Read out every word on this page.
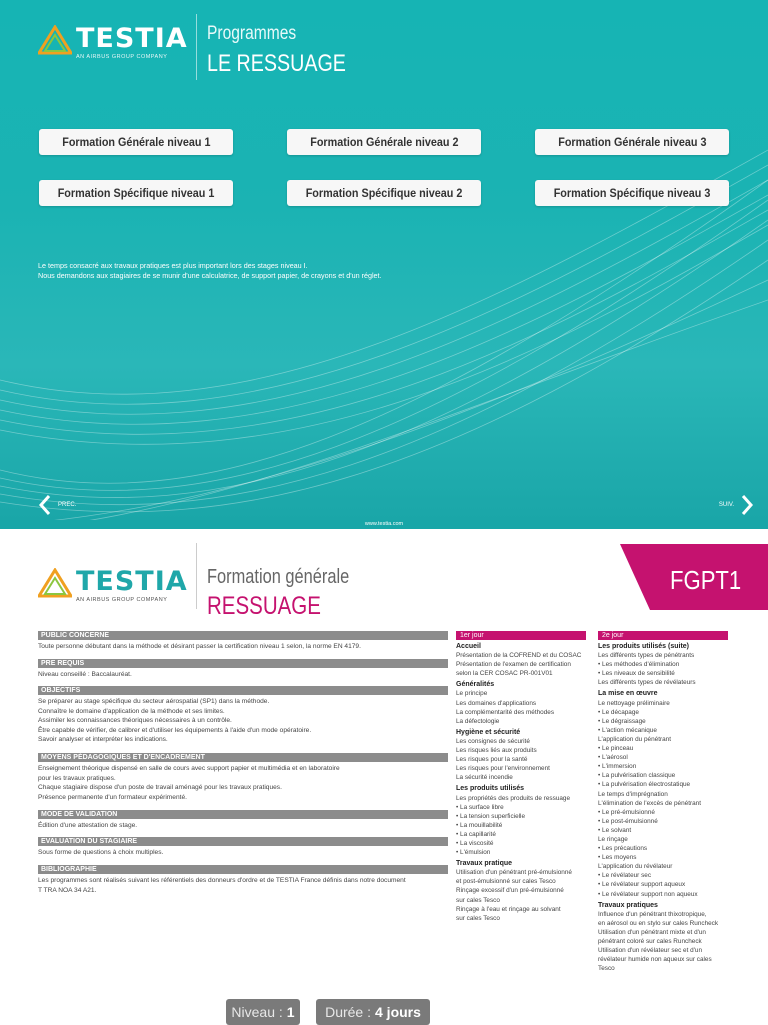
TESTIA
AN AIRBUS GROUP COMPANY
Programmes
LE RESSUAGE
Formation Générale niveau 1	Formation Générale niveau 2	Formation Générale niveau 3
Formation Spécifique niveau 1	Formation Spécifique niveau 2	Formation Spécifique niveau 3
Le temps consacré aux travaux pratiques est plus important lors des stages niveau I.
Nous demandons aux stagiaires de se munir d'une calculatrice, de support papier, de crayons et d'un réglet.
PREC.	SUIV.
www.testia.com
TESTIA
AN AIRBUS GROUP COMPANY
Formation générale
RESSUAGE
FGPT1
PUBLIC CONCERNE
Toute personne débutant dans la méthode et désirant passer la certification niveau 1 selon, la norme EN 4179.
PRE REQUIS
Niveau conseillé : Baccalauréat.
OBJECTIFS
Se préparer au stage spécifique du secteur aérospatial (SP1) dans la méthode.
Connaître le domaine d'application de la méthode et ses limites.
Assimiler les connaissances théoriques nécessaires à un contrôle.
Être capable de vérifier, de calibrer et d'utiliser les équipements à l'aide d'un mode opératoire.
Savoir analyser et interpréter les indications.
MOYENS PÉDAGOGIQUES ET D'ENCADREMENT
Enseignement théorique dispensé en salle de cours avec support papier et multimédia et en laboratoire
pour les travaux pratiques.
Chaque stagiaire dispose d'un poste de travail aménagé pour les travaux pratiques.
Présence permanente d'un formateur expérimenté.
MODE DE VALIDATION
Édition d'une attestation de stage.
EVALUATION DU STAGIAIRE
Sous forme de questions à choix multiples.
BIBLIOGRAPHIE
Les programmes sont réalisés suivant les référentiels des donneurs d'ordre et de TESTIA France définis dans notre document
T TRA NOA 34 A21.
1er jour
Accueil
Présentation de la COFREND et du COSAC
Présentation de l'examen de certification
selon la CER COSAC PR-001V01
Généralités
Le principe
Les domaines d'applications
La complémentarité des méthodes
La défectologie
Hygiène et sécurité
Les consignes de sécurité
Les risques liés aux produits
Les risques pour la santé
Les risques pour l'environnement
La sécurité incendie
Les produits utilisés
Les propriétés des produits de ressuage
• La surface libre
• La tension superficielle
• La mouillabilité
• La capillarité
• La viscosité
• L'émulsion
Travaux pratique
Utilisation d'un pénétrant pré-émulsionné
et post-émulsionné sur cales Tesco
Rinçage excessif d'un pré-émulsionné
sur cales Tesco
Rinçage à l'eau et rinçage au solvant
sur cales Tesco
2e jour
Les produits utilisés (suite)
Les différents types de pénétrants
• Les méthodes d'élimination
• Les niveaux de sensibilité
Les différents types de révélateurs
La mise en œuvre
Le nettoyage préliminaire
• Le décapage
• Le dégraissage
• L'action mécanique
L'application du pénétrant
• Le pinceau
• L'aérosol
• L'immersion
• La pulvérisation classique
• La pulvérisation électrostatique
Le temps d'imprégnation
L'élimination de l'excès de pénétrant
• Le pré-émulsionné
• Le post-émulsionné
• Le solvant
Le rinçage
• Les précautions
• Les moyens
L'application du révélateur
• Le révélateur sec
• Le révélateur support aqueux
• Le révélateur support non aqueux
Travaux pratiques
Influence d'un pénétrant thixotropique,
en aérosol ou en stylo sur cales Runcheck
Utilisation d'un pénétrant mixte et d'un
pénétrant coloré sur cales Runcheck
Utilisation d'un révélateur sec et d'un
révélateur humide non aqueux sur cales
Tesco
Niveau : 1 Durée : 4 jours
